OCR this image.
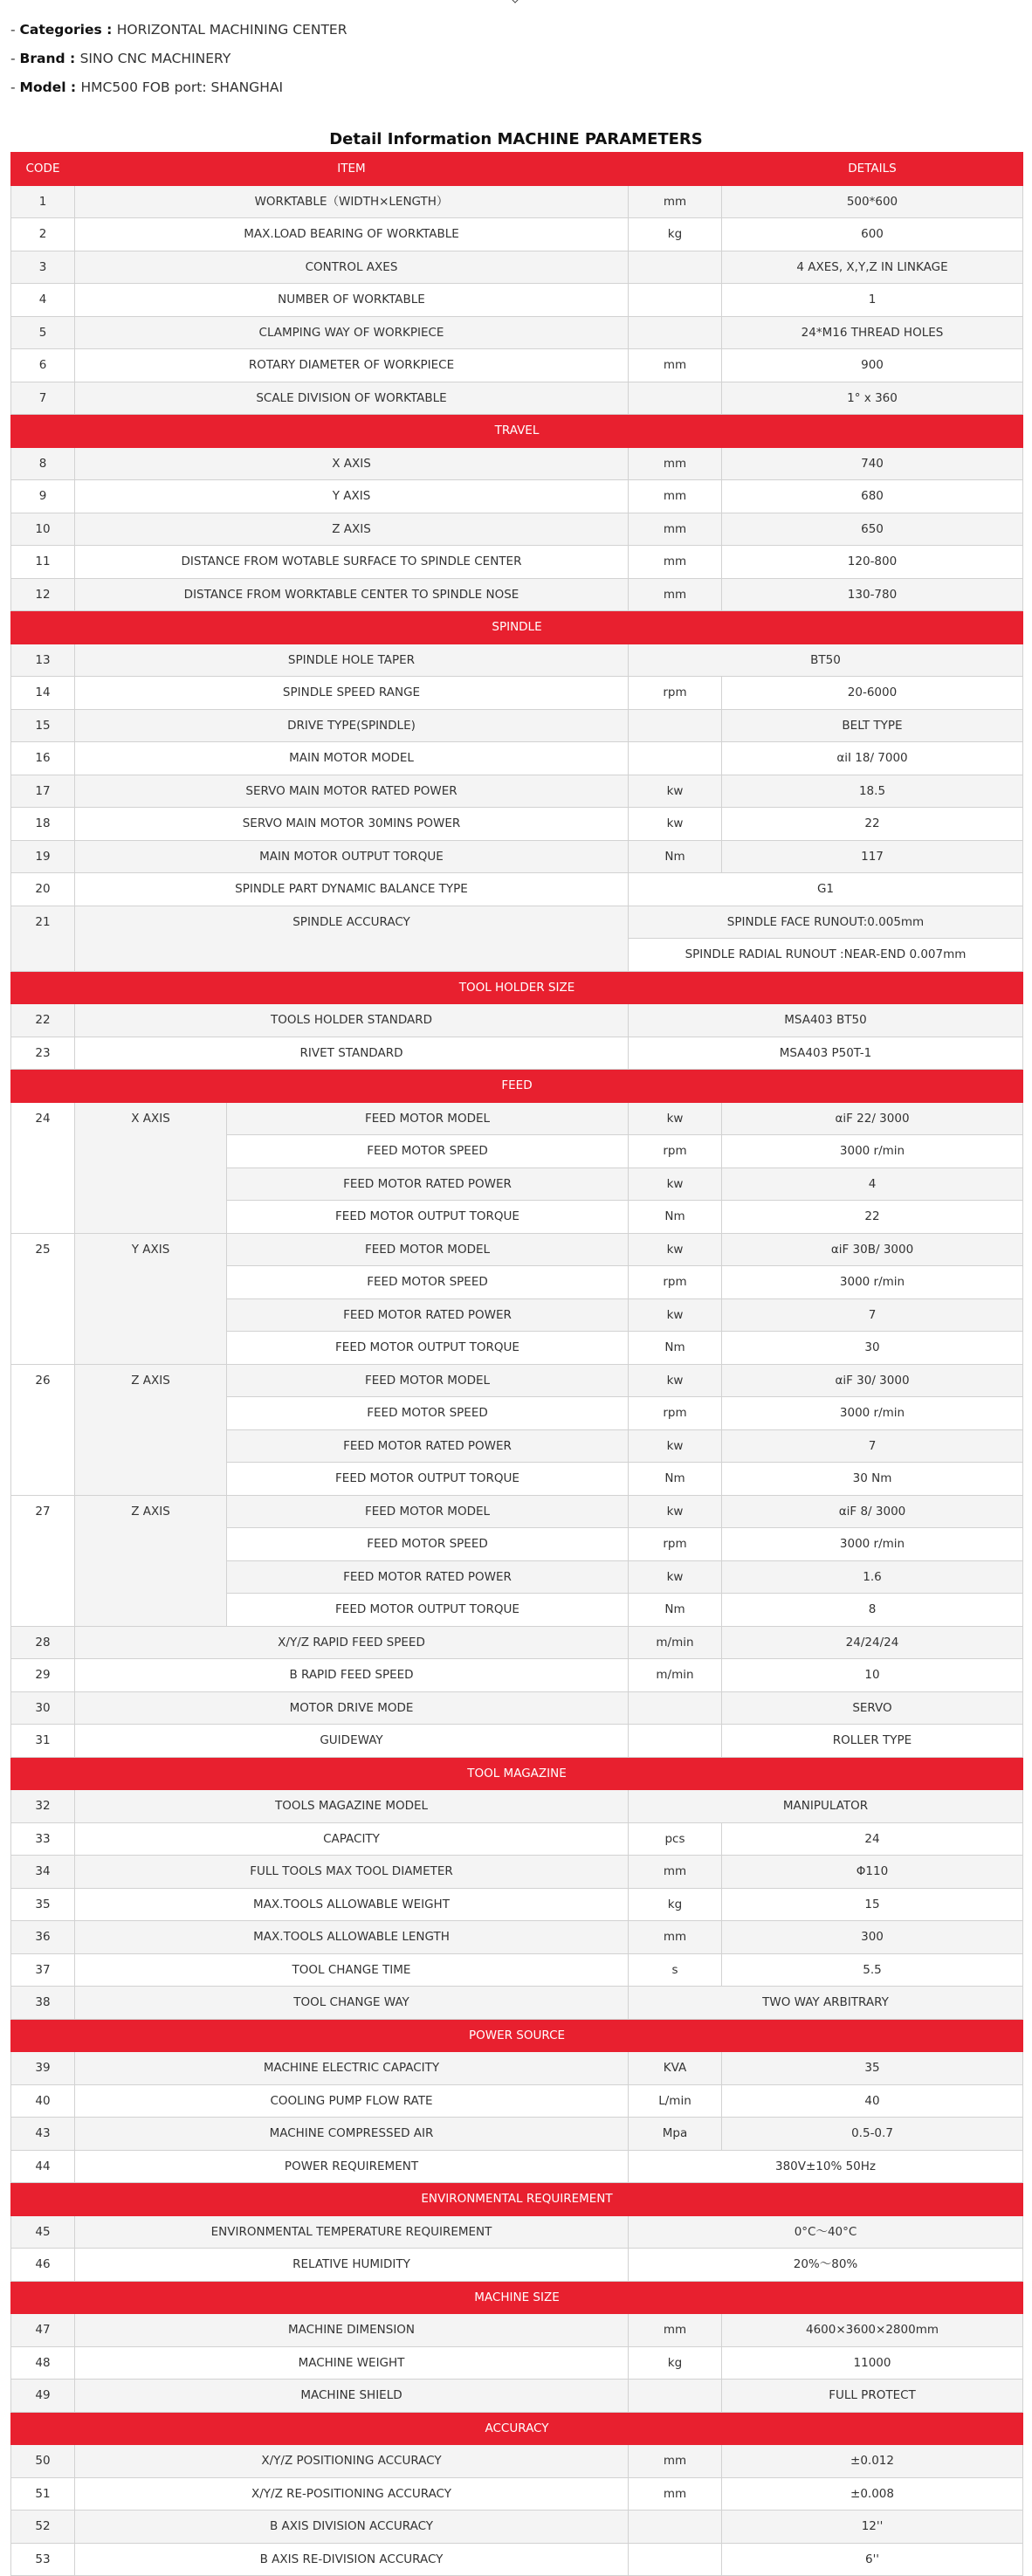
- Categories : HORIZONTAL MACHINING CENTER
- Brand : SINO CNC MACHINERY
- Model : HMC500 FOB port: SHANGHAI
Detail Information MACHINE PARAMETERS
CODE	ITEM			DETAILS
1	WORKTABLE（WIDTH×LENGTH）		mm	500*600
2	MAX.LOAD BEARING OF WORKTABLE		kg	600
3	CONTROL AXES			4 AXES, X,Y,Z IN LINKAGE
4	NUMBER OF WORKTABLE			1
5	CLAMPING WAY OF WORKPIECE			24*M16 THREAD HOLES
6	ROTARY DIAMETER OF WORKPIECE		mm	900
7	SCALE DIVISION OF WORKTABLE			1° x 360
TRAVEL				
8	X AXIS		mm	740
9	Y AXIS		mm	680
10	Z AXIS		mm	650
11	DISTANCE FROM WOTABLE SURFACE TO SPINDLE CENTER		mm	120-800
12	DISTANCE FROM WORKTABLE CENTER TO SPINDLE NOSE		mm	130-780
SPINDLE				
13	SPINDLE HOLE TAPER		BT50	
14	SPINDLE SPEED RANGE		rpm	20-6000
15	DRIVE TYPE(SPINDLE)			BELT TYPE
16	MAIN MOTOR MODEL			αiI 18/ 7000
17	SERVO MAIN MOTOR RATED POWER		kw	18.5
18	SERVO MAIN MOTOR 30MINS POWER		kw	22
19	MAIN MOTOR OUTPUT TORQUE		Nm	117
20	SPINDLE PART DYNAMIC BALANCE TYPE		G1	
21	SPINDLE ACCURACY		SPINDLE FACE RUNOUT:0.005mm	
			SPINDLE RADIAL RUNOUT :NEAR-END 0.007mm	
TOOL HOLDER SIZE				
22	TOOLS HOLDER STANDARD		MSA403 BT50	
23	RIVET STANDARD		MSA403 P50T-1	
FEED				
24	X AXIS	FEED MOTOR MODEL	kw	αiF 22/ 3000
		FEED MOTOR SPEED	rpm	3000 r/min
		FEED MOTOR RATED POWER	kw	4
		FEED MOTOR OUTPUT TORQUE	Nm	22
25	Y AXIS	FEED MOTOR MODEL	kw	αiF 30B/ 3000
		FEED MOTOR SPEED	rpm	3000 r/min
		FEED MOTOR RATED POWER	kw	7
		FEED MOTOR OUTPUT TORQUE	Nm	30
26	Z AXIS	FEED MOTOR MODEL	kw	αiF 30/ 3000
		FEED MOTOR SPEED	rpm	3000 r/min
		FEED MOTOR RATED POWER	kw	7
		FEED MOTOR OUTPUT TORQUE	Nm	30 Nm
27	Z AXIS	FEED MOTOR MODEL	kw	αiF 8/ 3000
		FEED MOTOR SPEED	rpm	3000 r/min
		FEED MOTOR RATED POWER	kw	1.6
		FEED MOTOR OUTPUT TORQUE	Nm	8
28	X/Y/Z RAPID FEED SPEED		m/min	24/24/24
29	B RAPID FEED SPEED		m/min	10
30	MOTOR DRIVE MODE			SERVO
31	GUIDEWAY			ROLLER TYPE
TOOL MAGAZINE				
32	TOOLS MAGAZINE MODEL		MANIPULATOR	
33	CAPACITY		pcs	24
34	FULL TOOLS MAX TOOL DIAMETER		mm	Φ110
35	MAX.TOOLS ALLOWABLE WEIGHT		kg	15
36	MAX.TOOLS ALLOWABLE LENGTH		mm	300
37	TOOL CHANGE TIME		s	5.5
38	TOOL CHANGE WAY		TWO WAY ARBITRARY	
POWER SOURCE				
39	MACHINE ELECTRIC CAPACITY		KVA	35
40	COOLING PUMP FLOW RATE		L/min	40
43	MACHINE COMPRESSED AIR		Mpa	0.5-0.7
44	POWER REQUIREMENT		380V±10% 50Hz	
ENVIRONMENTAL REQUIREMENT				
45	ENVIRONMENTAL TEMPERATURE REQUIREMENT		0°C～40°C	
46	RELATIVE HUMIDITY		20%～80%	
MACHINE SIZE				
47	MACHINE DIMENSION		mm	4600×3600×2800mm
48	MACHINE WEIGHT		kg	11000
49	MACHINE SHIELD			FULL PROTECT
ACCURACY				
50	X/Y/Z POSITIONING ACCURACY		mm	±0.012
51	X/Y/Z RE-POSITIONING ACCURACY		mm	±0.008
52	B AXIS DIVISION ACCURACY			12''
53	B AXIS RE-DIVISION ACCURACY			6''
